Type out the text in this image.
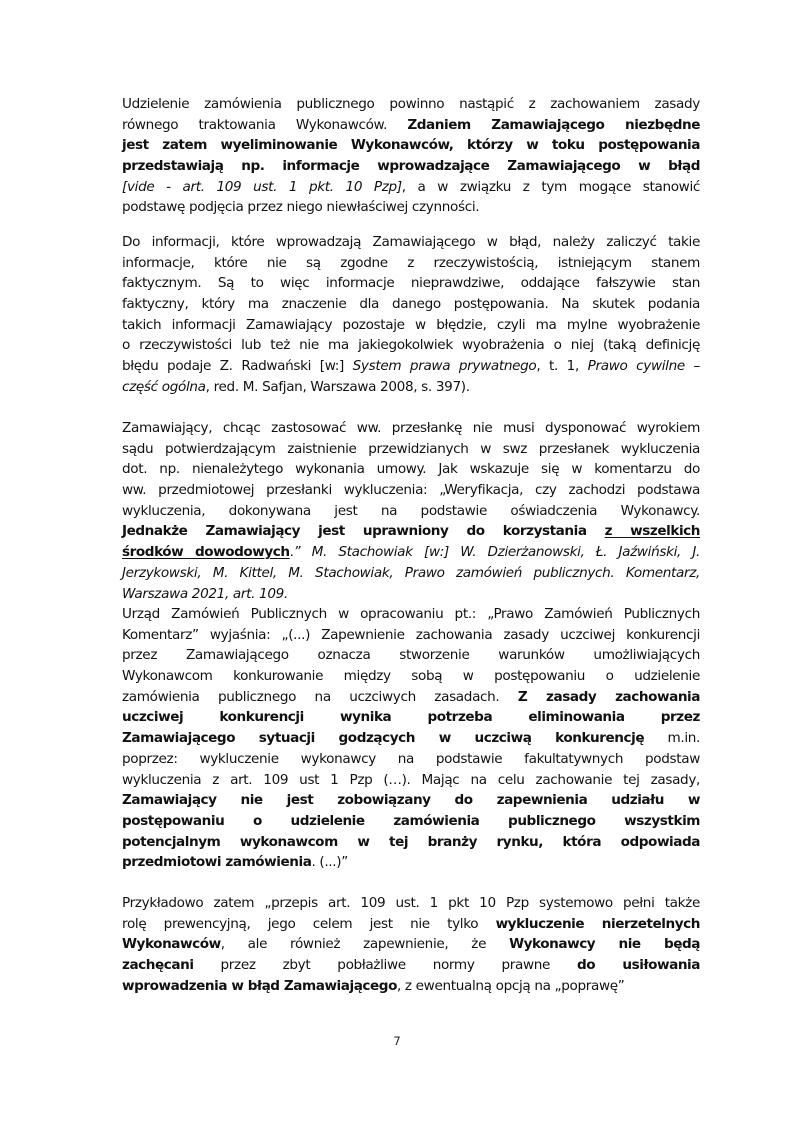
Udzielenie zamówienia publicznego powinno nastąpić z zachowaniem zasady
równego traktowania Wykonawców. Zdaniem Zamawiającego niezbędne
jest zatem wyeliminowanie Wykonawców, którzy w toku postępowania
przedstawiają np. informacje wprowadzające Zamawiającego w błąd
[vide - art. 109 ust. 1 pkt. 10 Pzp], a w związku z tym mogące stanowić
podstawę podjęcia przez niego niewłaściwej czynności.
Do informacji, które wprowadzają Zamawiającego w błąd, należy zaliczyć takie
informacje, które nie są zgodne z rzeczywistością, istniejącym stanem
faktycznym. Są to więc informacje nieprawdziwe, oddające fałszywie stan
faktyczny, który ma znaczenie dla danego postępowania. Na skutek podania
takich informacji Zamawiający pozostaje w błędzie, czyli ma mylne wyobrażenie
o rzeczywistości lub też nie ma jakiegokolwiek wyobrażenia o niej (taką definicję
błędu podaje Z. Radwański [w:] System prawa prywatnego, t. 1, Prawo cywilne –
część ogólna, red. M. Safjan, Warszawa 2008, s. 397).
Zamawiający, chcąc zastosować ww. przesłankę nie musi dysponować wyrokiem
sądu potwierdzającym zaistnienie przewidzianych w swz przesłanek wykluczenia
dot. np. nienależytego wykonania umowy. Jak wskazuje się w komentarzu do
ww. przedmiotowej przesłanki wykluczenia: „Weryfikacja, czy zachodzi podstawa
wykluczenia, dokonywana jest na podstawie oświadczenia Wykonawcy.
Jednakże Zamawiający jest uprawniony do korzystania z wszelkich
środków dowodowych.” M. Stachowiak [w:] W. Dzierżanowski, Ł. Jaźwiński, J.
Jerzykowski, M. Kittel, M. Stachowiak, Prawo zamówień publicznych. Komentarz,
Warszawa 2021, art. 109.
Urząd Zamówień Publicznych w opracowaniu pt.: „Prawo Zamówień Publicznych
Komentarz” wyjaśnia: „(...) Zapewnienie zachowania zasady uczciwej konkurencji
przez Zamawiającego oznacza stworzenie warunków umożliwiających
Wykonawcom konkurowanie między sobą w postępowaniu o udzielenie
zamówienia publicznego na uczciwych zasadach. Z zasady zachowania
uczciwej konkurencji wynika potrzeba eliminowania przez
Zamawiającego sytuacji godzących w uczciwą konkurencję m.in.
poprzez: wykluczenie wykonawcy na podstawie fakultatywnych podstaw
wykluczenia z art. 109 ust 1 Pzp (…). Mając na celu zachowanie tej zasady,
Zamawiający nie jest zobowiązany do zapewnienia udziału w
postępowaniu o udzielenie zamówienia publicznego wszystkim
potencjalnym wykonawcom w tej branży rynku, która odpowiada
przedmiotowi zamówienia. (...)”
Przykładowo zatem „przepis art. 109 ust. 1 pkt 10 Pzp systemowo pełni także
rolę prewencyjną, jego celem jest nie tylko wykluczenie nierzetelnych
Wykonawców, ale również zapewnienie, że Wykonawcy nie będą
zachęcani przez zbyt pobłażliwe normy prawne do usiłowania
wprowadzenia w błąd Zamawiającego, z ewentualną opcją na „poprawę”
7
